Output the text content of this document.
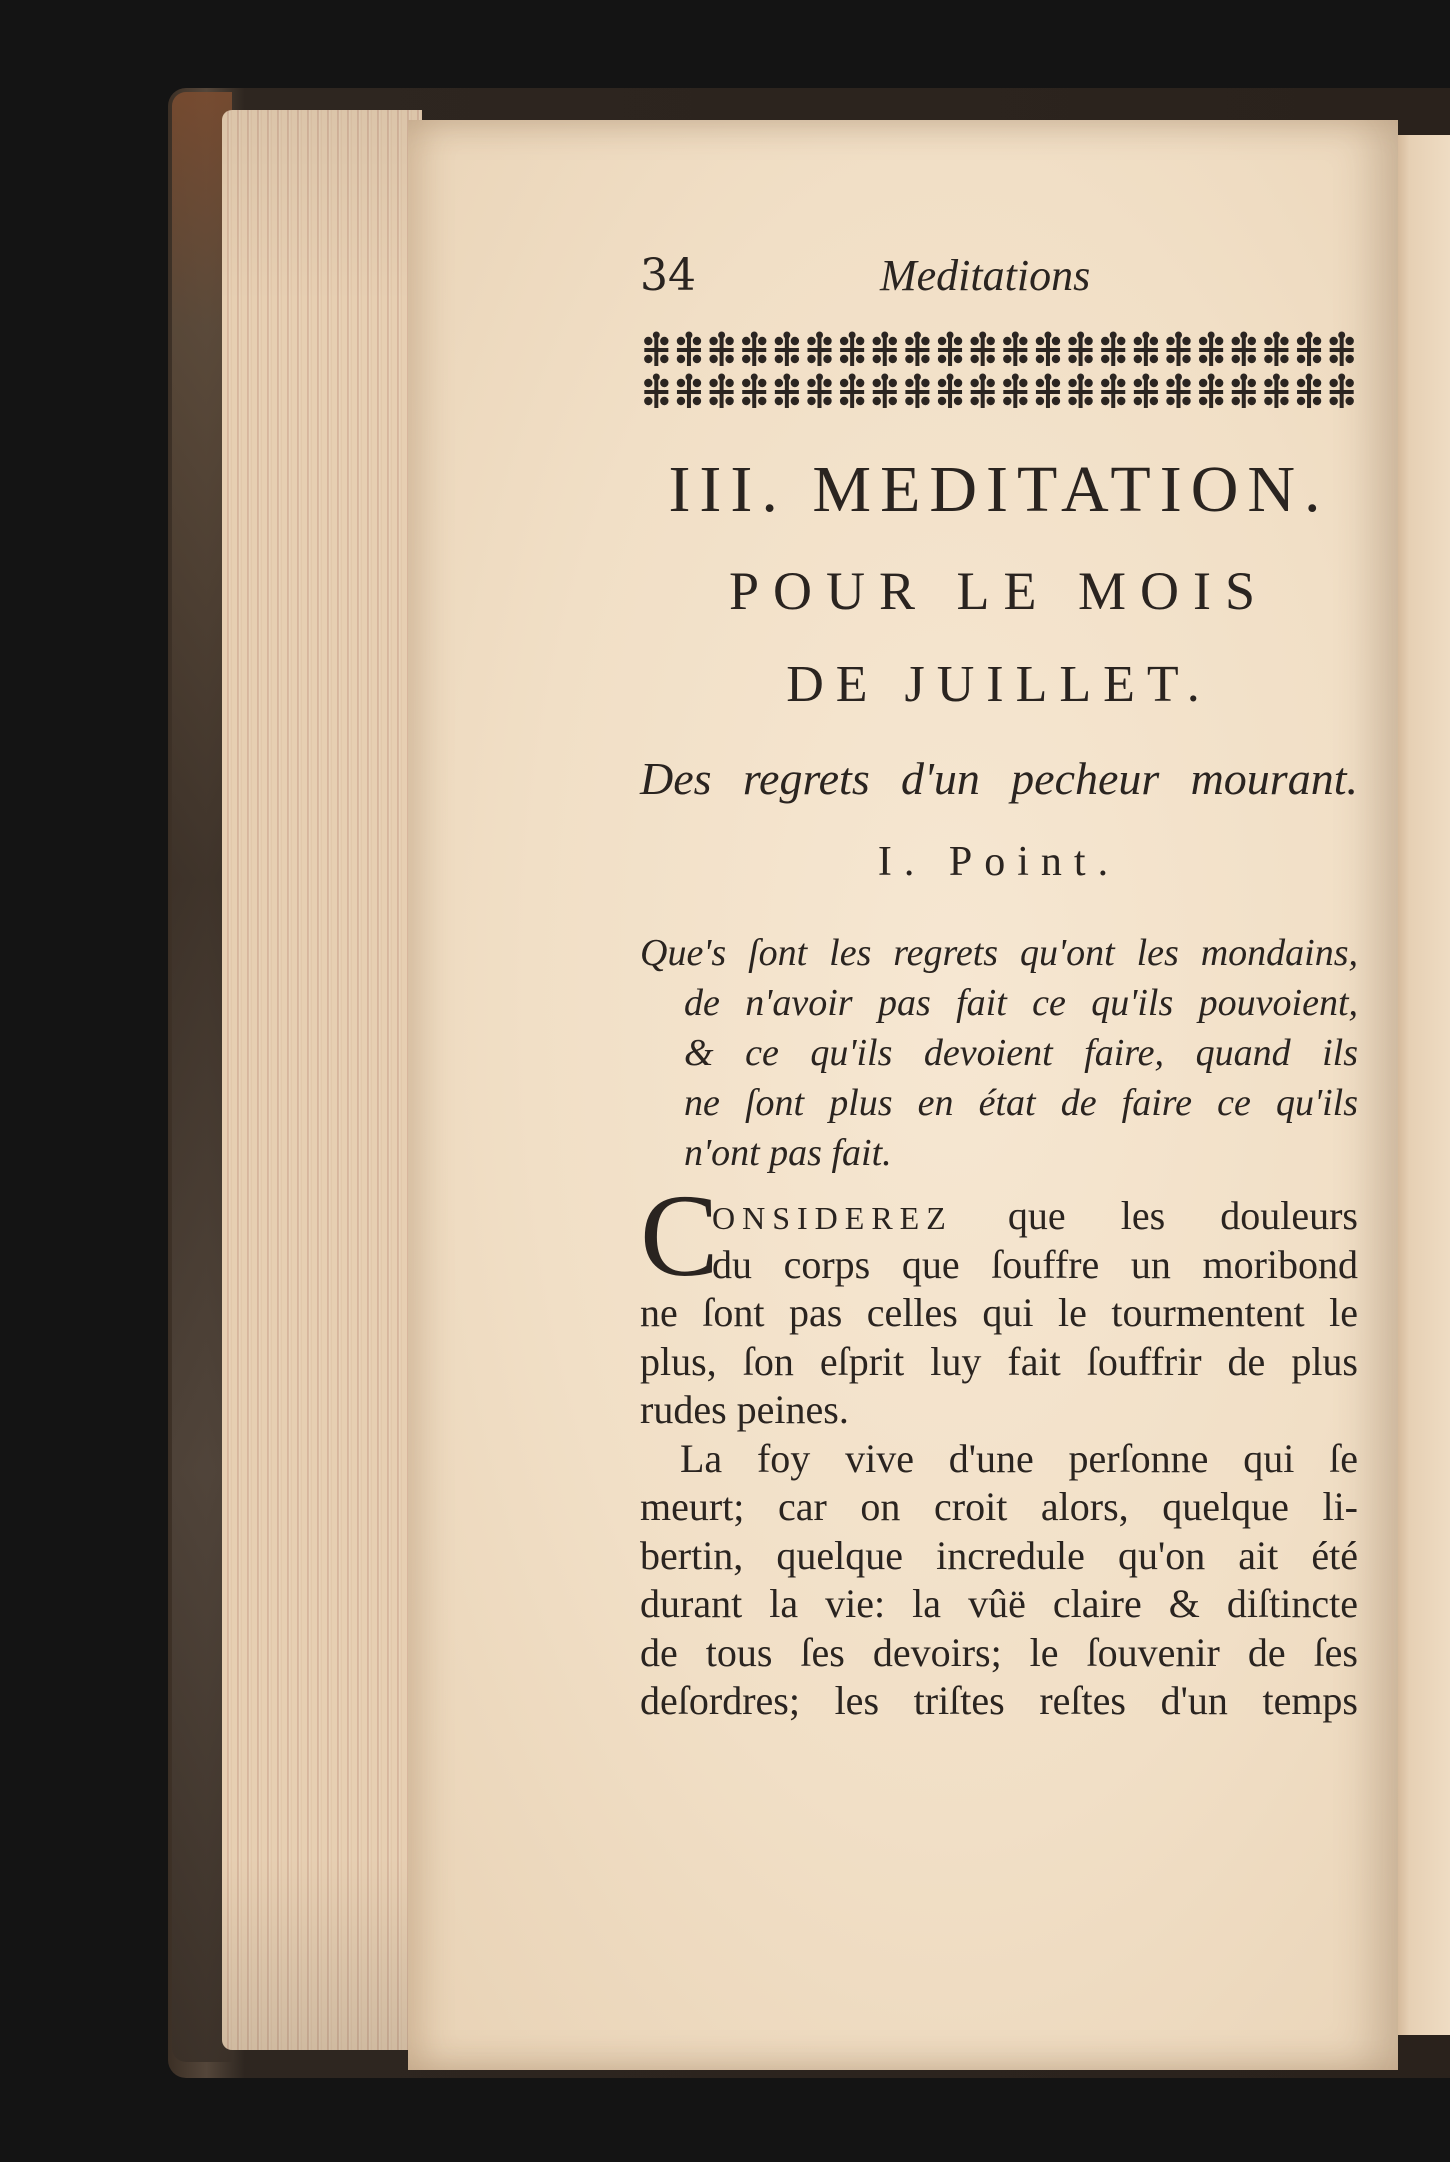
34	Meditations
III. MEDITATION.
POUR LE MOIS
DE JUILLET.
Des regrets d'un pecheur mourant.
I. Point.
Que's ſont les regrets qu'ont les mondains,
de n'avoir pas fait ce qu'ils pouvoient,
& ce qu'ils devoient faire, quand ils
ne ſont plus en état de faire ce qu'ils
n'ont pas fait.
C
ONSIDEREZ que les douleurs
du corps que ſouffre un moribond
ne ſont pas celles qui le tourmentent le
plus, ſon eſprit luy fait ſouffrir de plus
rudes peines.
La foy vive d'une perſonne qui ſe
meurt; car on croit alors, quelque li-
bertin, quelque incredule qu'on ait été
durant la vie: la vûë claire & diſtincte
de tous ſes devoirs; le ſouvenir de ſes
deſordres; les triſtes reſtes d'un temps
